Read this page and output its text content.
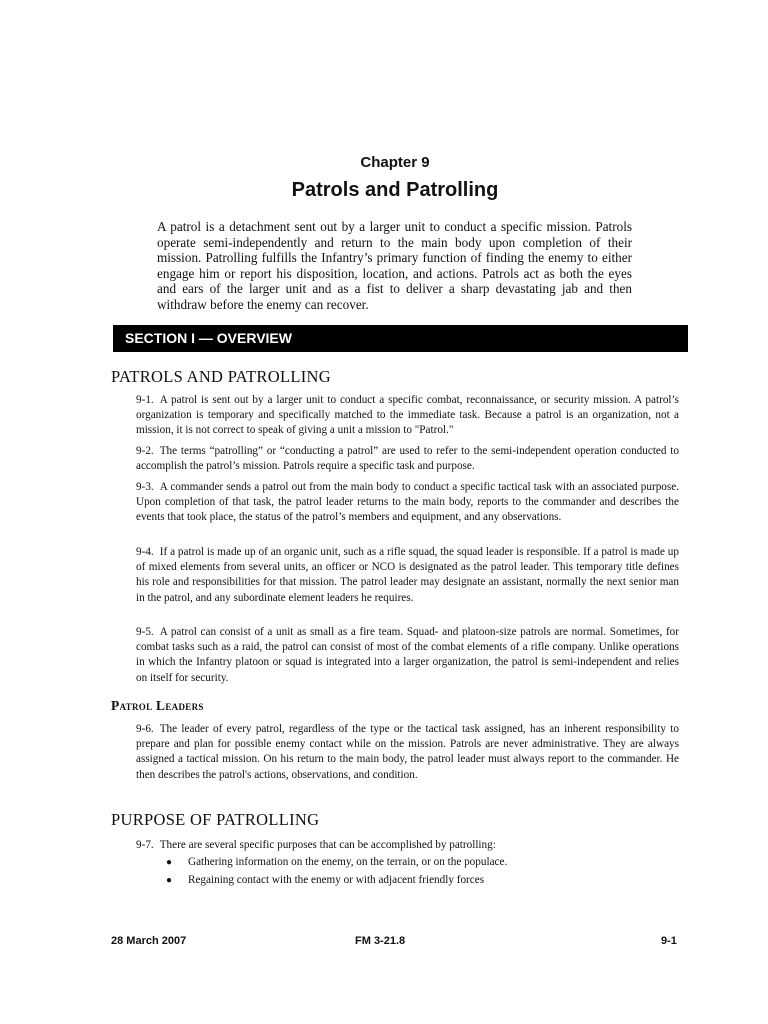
Chapter 9
Patrols and Patrolling
A patrol is a detachment sent out by a larger unit to conduct a specific mission. Patrols operate semi-independently and return to the main body upon completion of their mission. Patrolling fulfills the Infantry’s primary function of finding the enemy to either engage him or report his disposition, location, and actions. Patrols act as both the eyes and ears of the larger unit and as a fist to deliver a sharp devastating jab and then withdraw before the enemy can recover.
SECTION I — OVERVIEW
PATROLS AND PATROLLING
9-1. A patrol is sent out by a larger unit to conduct a specific combat, reconnaissance, or security mission. A patrol’s organization is temporary and specifically matched to the immediate task. Because a patrol is an organization, not a mission, it is not correct to speak of giving a unit a mission to "Patrol."
9-2. The terms “patrolling” or “conducting a patrol” are used to refer to the semi-independent operation conducted to accomplish the patrol’s mission. Patrols require a specific task and purpose.
9-3. A commander sends a patrol out from the main body to conduct a specific tactical task with an associated purpose. Upon completion of that task, the patrol leader returns to the main body, reports to the commander and describes the events that took place, the status of the patrol’s members and equipment, and any observations.
9-4. If a patrol is made up of an organic unit, such as a rifle squad, the squad leader is responsible. If a patrol is made up of mixed elements from several units, an officer or NCO is designated as the patrol leader. This temporary title defines his role and responsibilities for that mission. The patrol leader may designate an assistant, normally the next senior man in the patrol, and any subordinate element leaders he requires.
9-5. A patrol can consist of a unit as small as a fire team. Squad- and platoon-size patrols are normal. Sometimes, for combat tasks such as a raid, the patrol can consist of most of the combat elements of a rifle company. Unlike operations in which the Infantry platoon or squad is integrated into a larger organization, the patrol is semi-independent and relies on itself for security.
Patrol Leaders
9-6. The leader of every patrol, regardless of the type or the tactical task assigned, has an inherent responsibility to prepare and plan for possible enemy contact while on the mission. Patrols are never administrative. They are always assigned a tactical mission. On his return to the main body, the patrol leader must always report to the commander. He then describes the patrol's actions, observations, and condition.
PURPOSE OF PATROLLING
9-7. There are several specific purposes that can be accomplished by patrolling:
● Gathering information on the enemy, on the terrain, or on the populace.
● Regaining contact with the enemy or with adjacent friendly forces
28 March 2007	FM 3-21.8	9-1
